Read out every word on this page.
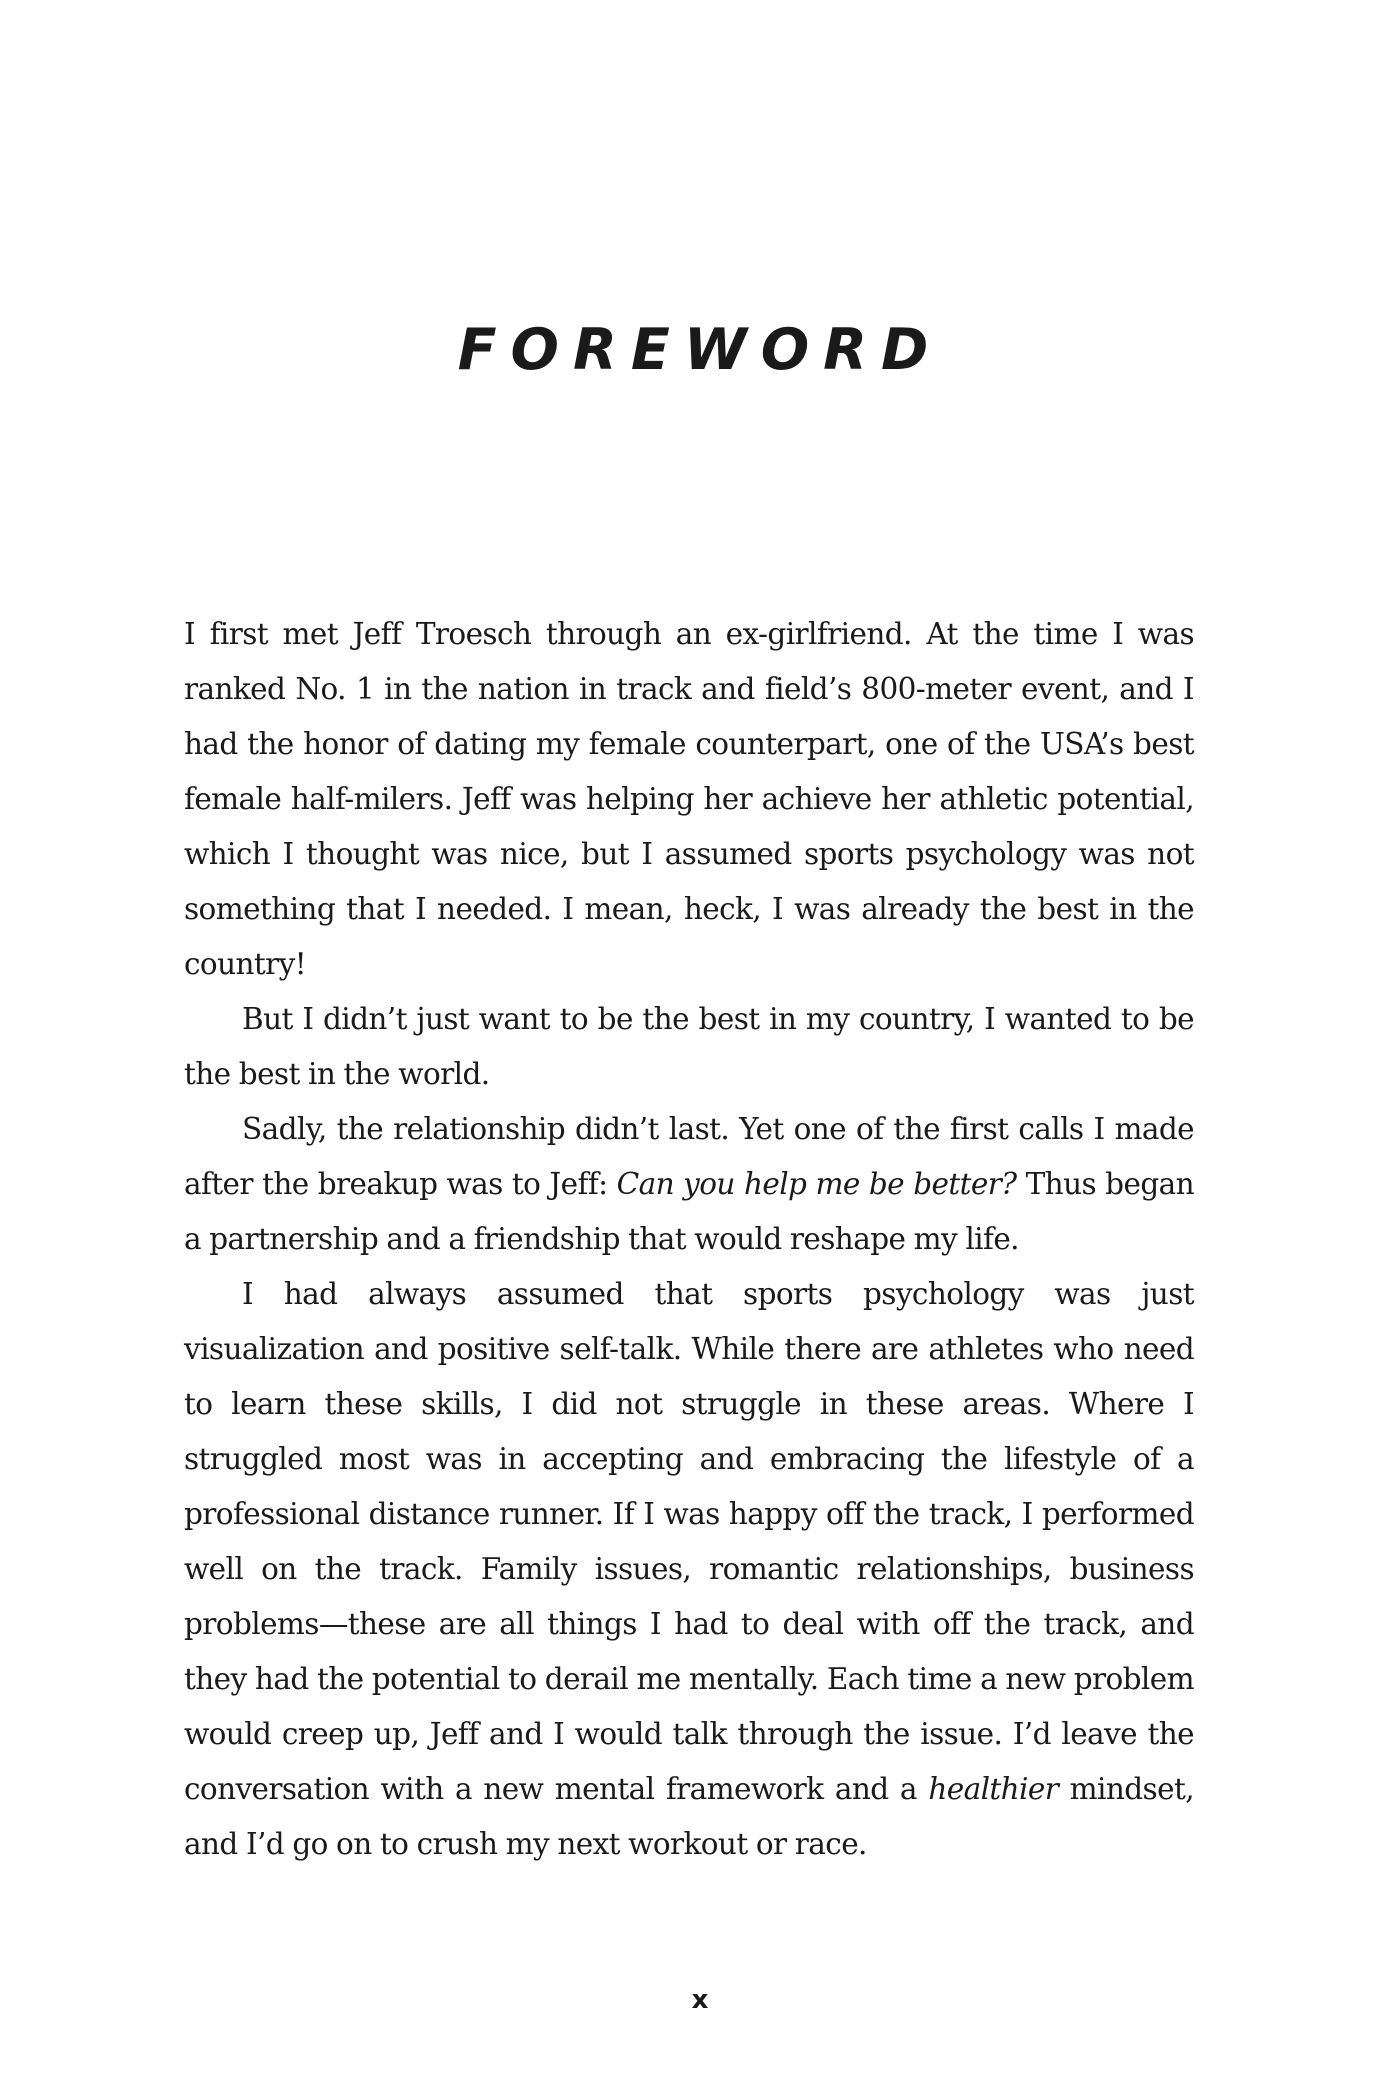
FOREWORD

I first met Jeff Troesch through an ex-girlfriend. At the time I was ranked No. 1 in the nation in track and field’s 800-meter event, and I had the honor of dating my female counterpart, one of the USA’s best female half-milers. Jeff was helping her achieve her athletic potential, which I thought was nice, but I assumed sports psychology was not something that I needed. I mean, heck, I was already the best in the country!

But I didn’t just want to be the best in my country, I wanted to be the best in the world.

Sadly, the relationship didn’t last. Yet one of the first calls I made after the breakup was to Jeff: Can you help me be better? Thus began a partnership and a friendship that would reshape my life.

I had always assumed that sports psychology was just visualization and positive self-talk. While there are athletes who need to learn these skills, I did not struggle in these areas. Where I struggled most was in accepting and embracing the lifestyle of a professional distance runner. If I was happy off the track, I performed well on the track. Family issues, romantic relationships, business problems—these are all things I had to deal with off the track, and they had the potential to derail me mentally. Each time a new problem would creep up, Jeff and I would talk through the issue. I’d leave the conversation with a new mental framework and a healthier mindset, and I’d go on to crush my next workout or race.

x
